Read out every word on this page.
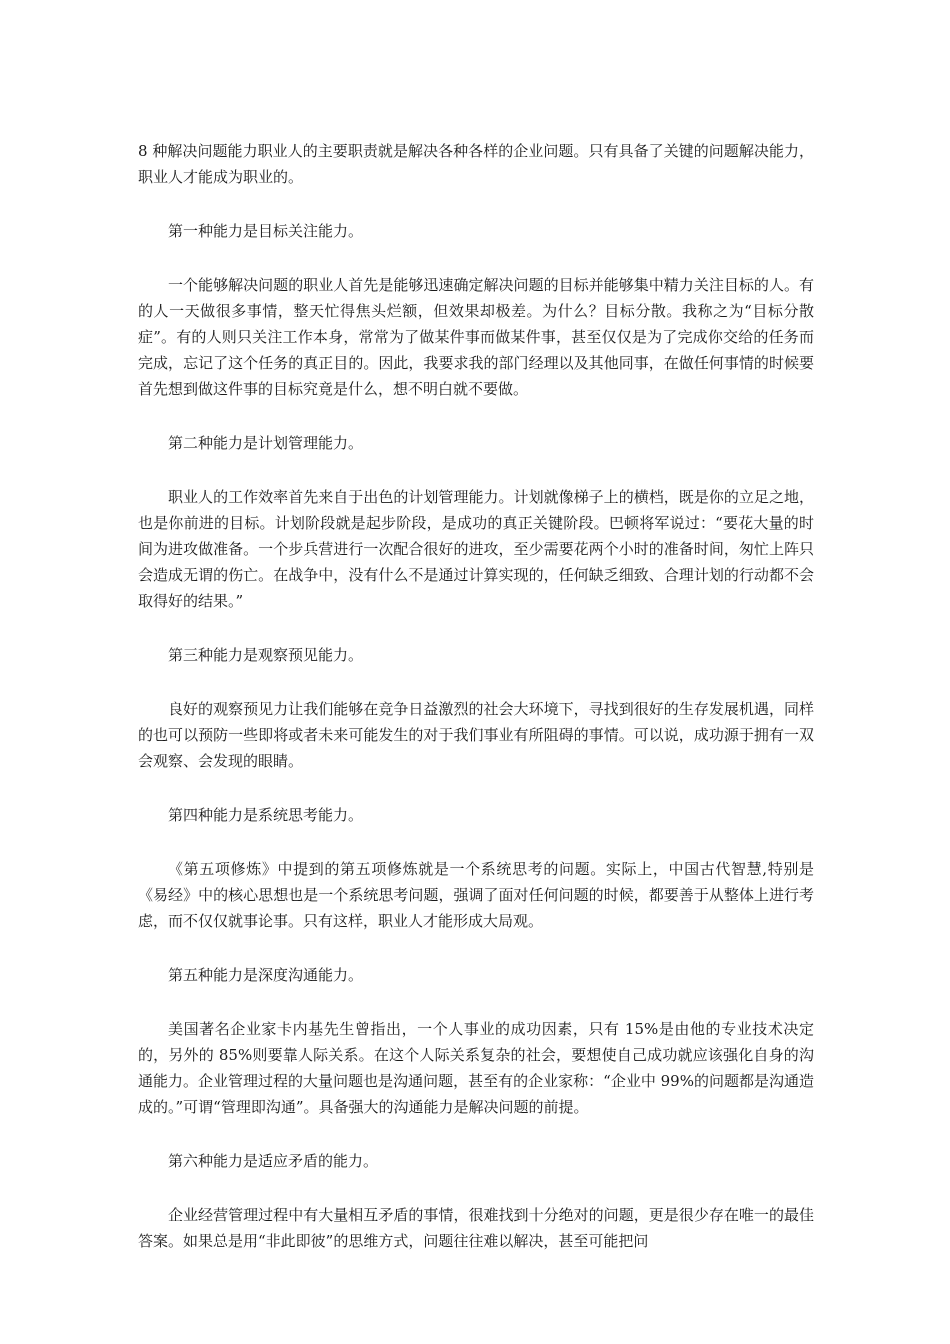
8 种解决问题能力职业人的主要职责就是解决各种各样的企业问题。只有具备了关键的问题解决能力，职业人才能成为职业的。

第一种能力是目标关注能力。

一个能够解决问题的职业人首先是能够迅速确定解决问题的目标并能够集中精力关注目标的人。有的人一天做很多事情，整天忙得焦头烂额，但效果却极差。为什么？目标分散。我称之为“目标分散症”。有的人则只关注工作本身，常常为了做某件事而做某件事，甚至仅仅是为了完成你交给的任务而完成，忘记了这个任务的真正目的。因此，我要求我的部门经理以及其他同事，在做任何事情的时候要首先想到做这件事的目标究竟是什么，想不明白就不要做。

第二种能力是计划管理能力。

职业人的工作效率首先来自于出色的计划管理能力。计划就像梯子上的横档，既是你的立足之地，也是你前进的目标。计划阶段就是起步阶段，是成功的真正关键阶段。巴顿将军说过：“要花大量的时间为进攻做准备。一个步兵营进行一次配合很好的进攻，至少需要花两个小时的准备时间，匆忙上阵只会造成无谓的伤亡。在战争中，没有什么不是通过计算实现的，任何缺乏细致、合理计划的行动都不会取得好的结果。”

第三种能力是观察预见能力。

良好的观察预见力让我们能够在竞争日益激烈的社会大环境下，寻找到很好的生存发展机遇，同样的也可以预防一些即将或者未来可能发生的对于我们事业有所阻碍的事情。可以说，成功源于拥有一双会观察、会发现的眼睛。

第四种能力是系统思考能力。

《第五项修炼》中提到的第五项修炼就是一个系统思考的问题。实际上，中国古代智慧,特别是《易经》中的核心思想也是一个系统思考问题，强调了面对任何问题的时候，都要善于从整体上进行考虑，而不仅仅就事论事。只有这样，职业人才能形成大局观。

第五种能力是深度沟通能力。

美国著名企业家卡内基先生曾指出，一个人事业的成功因素，只有 15%是由他的专业技术决定的，另外的 85%则要靠人际关系。在这个人际关系复杂的社会，要想使自己成功就应该强化自身的沟通能力。企业管理过程的大量问题也是沟通问题，甚至有的企业家称：“企业中 99%的问题都是沟通造成的。”可谓“管理即沟通”。具备强大的沟通能力是解决问题的前提。

第六种能力是适应矛盾的能力。

企业经营管理过程中有大量相互矛盾的事情，很难找到十分绝对的问题，更是很少存在唯一的最佳答案。如果总是用“非此即彼”的思维方式，问题往往难以解决，甚至可能把问
